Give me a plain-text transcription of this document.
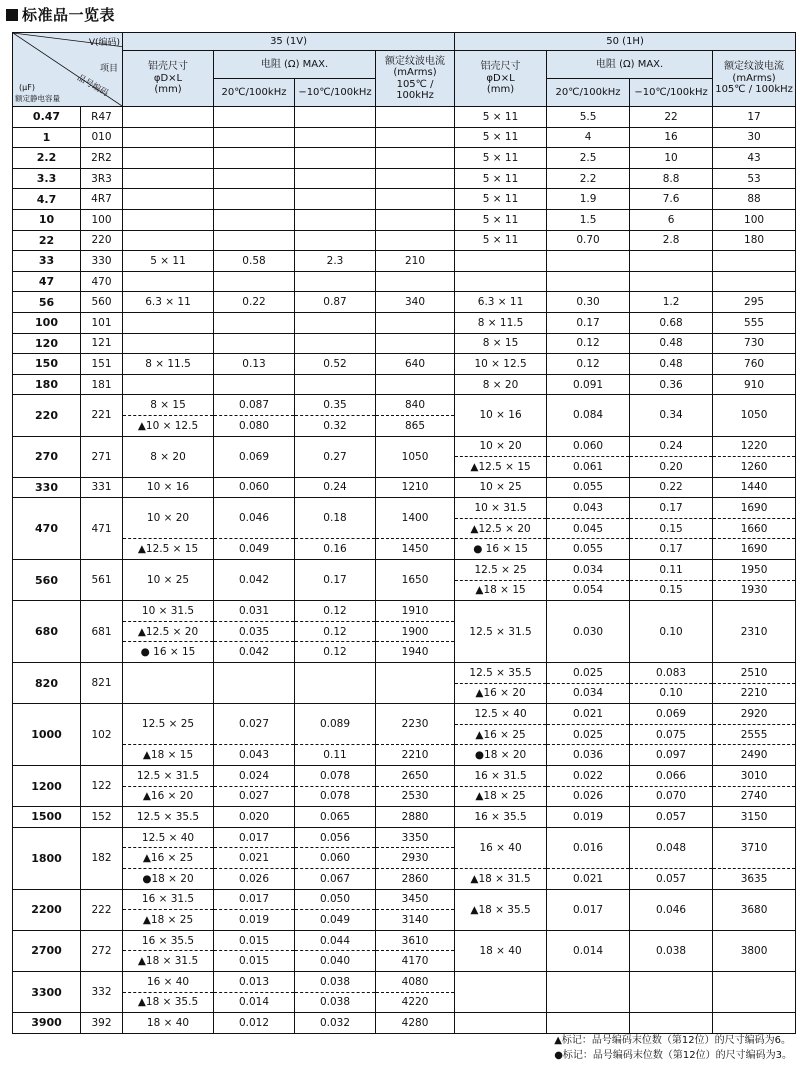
标准品一览表
V(编码)
项目
品号编码
(μF)
额定静电容量		35 (1V)				50 (1H)			
		铝壳尺寸
φD×L
(mm)	电阻 (Ω) MAX.		额定纹波电流
(mArms)
105℃ / 100kHz	铝壳尺寸
φD×L
(mm)	电阻 (Ω) MAX.		额定纹波电流
(mArms)
105℃ / 100kHz
			20℃/100kHz	−10℃/100kHz			20℃/100kHz	−10℃/100kHz	
0.47	R47					5 × 11	5.5	22	17
1	010					5 × 11	4	16	30
2.2	2R2					5 × 11	2.5	10	43
3.3	3R3					5 × 11	2.2	8.8	53
4.7	4R7					5 × 11	1.9	7.6	88
10	100					5 × 11	1.5	6	100
22	220					5 × 11	0.70	2.8	180
33	330	5 × 11	0.58	2.3	210				
47	470								
56	560	6.3 × 11	0.22	0.87	340	6.3 × 11	0.30	1.2	295
100	101					8 × 11.5	0.17	0.68	555
120	121					8 × 15	0.12	0.48	730
150	151	8 × 11.5	0.13	0.52	640	10 × 12.5	0.12	0.48	760
180	181					8 × 20	0.091	0.36	910
220	221	8 × 15	0.087	0.35	840	10 × 16	0.084	0.34	1050
		▲10 × 12.5	0.080	0.32	865				
270	271	8 × 20	0.069	0.27	1050	10 × 20	0.060	0.24	1220
						▲12.5 × 15	0.061	0.20	1260
330	331	10 × 16	0.060	0.24	1210	10 × 25	0.055	0.22	1440
470	471	10 × 20	0.046	0.18	1400	10 × 31.5	0.043	0.17	1690
						▲12.5 × 20	0.045	0.15	1660
		▲12.5 × 15	0.049	0.16	1450	● 16 × 15	0.055	0.17	1690
560	561	10 × 25	0.042	0.17	1650	12.5 × 25	0.034	0.11	1950
						▲18 × 15	0.054	0.15	1930
680	681	10 × 31.5	0.031	0.12	1910	12.5 × 31.5	0.030	0.10	2310
		▲12.5 × 20	0.035	0.12	1900				
		● 16 × 15	0.042	0.12	1940				
820	821					12.5 × 35.5	0.025	0.083	2510
						▲16 × 20	0.034	0.10	2210
1000	102	12.5 × 25	0.027	0.089	2230	12.5 × 40	0.021	0.069	2920
						▲16 × 25	0.025	0.075	2555
		▲18 × 15	0.043	0.11	2210	●18 × 20	0.036	0.097	2490
1200	122	12.5 × 31.5	0.024	0.078	2650	16 × 31.5	0.022	0.066	3010
		▲16 × 20	0.027	0.078	2530	▲18 × 25	0.026	0.070	2740
1500	152	12.5 × 35.5	0.020	0.065	2880	16 × 35.5	0.019	0.057	3150
1800	182	12.5 × 40	0.017	0.056	3350	16 × 40	0.016	0.048	3710
		▲16 × 25	0.021	0.060	2930				
		●18 × 20	0.026	0.067	2860	▲18 × 31.5	0.021	0.057	3635
2200	222	16 × 31.5	0.017	0.050	3450	▲18 × 35.5	0.017	0.046	3680
		▲18 × 25	0.019	0.049	3140				
2700	272	16 × 35.5	0.015	0.044	3610	18 × 40	0.014	0.038	3800
		▲18 × 31.5	0.015	0.040	4170				
3300	332	16 × 40	0.013	0.038	4080				
		▲18 × 35.5	0.014	0.038	4220				
3900	392	18 × 40	0.012	0.032	4280				
▲标记：品号编码末位数（第12位）的尺寸编码为6。
●标记：品号编码末位数（第12位）的尺寸编码为3。
